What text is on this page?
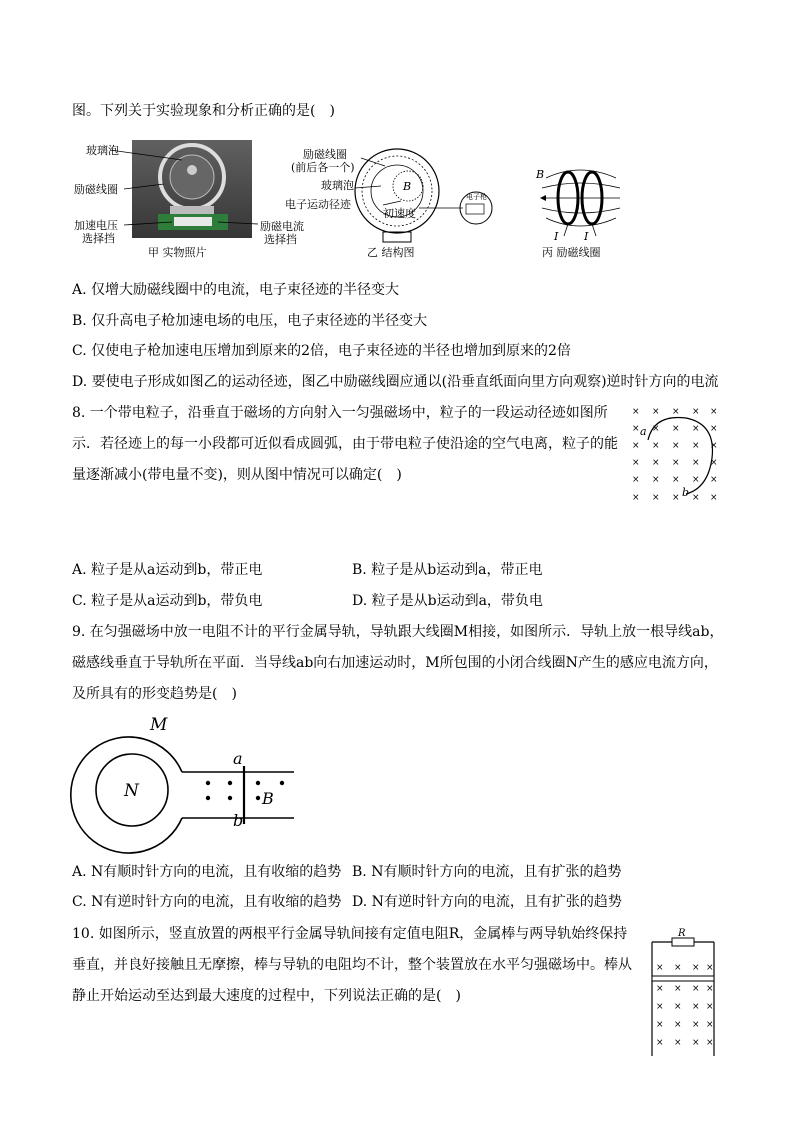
图。下列关于实验现象和分析正确的是(　)
玻璃泡
励磁线圈
加速电压
选择挡
励磁电流
选择挡
甲 实物照片
励磁线圈
(前后各一个)
玻璃泡
电子运动径迹
初速度
B
电子枪
乙 结构图
B
I I
丙 励磁线圈
A. 仅增大励磁线圈中的电流，电子束径迹的半径变大
B. 仅升高电子枪加速电场的电压，电子束径迹的半径变大
C. 仅使电子枪加速电压增加到原来的2倍，电子束径迹的半径也增加到原来的2倍
D. 要使电子形成如图乙的运动径迹，图乙中励磁线圈应通以(沿垂直纸面向里方向观察)逆时针方向的电流
8. 一个带电粒子，沿垂直于磁场的方向射入一匀强磁场中，粒子的一段运动径迹如图所
示．若径迹上的每一小段都可近似看成圆弧，由于带电粒子使沿途的空气电离，粒子的能
量逐渐减小(带电量不变)，则从图中情况可以确定(　)
× × × × ×
× × × × ×
× × × × ×
× × × × ×
× × × × ×
× × × × ×
a
b
A. 粒子是从a运动到b，带正电	B. 粒子是从b运动到a，带正电
C. 粒子是从a运动到b，带负电	D. 粒子是从b运动到a，带负电
9. 在匀强磁场中放一电阻不计的平行金属导轨，导轨跟大线圈M相接，如图所示．导轨上放一根导线ab，
磁感线垂直于导轨所在平面．当导线ab向右加速运动时，M所包围的小闭合线圈N产生的感应电流方向，
及所具有的形变趋势是(　)
M
N
a
b
B
A. N有顺时针方向的电流，且有收缩的趋势 B. N有顺时针方向的电流，且有扩张的趋势
C. N有逆时针方向的电流，且有收缩的趋势 D. N有逆时针方向的电流，且有扩张的趋势
10. 如图所示，竖直放置的两根平行金属导轨间接有定值电阻R，金属棒与两导轨始终保持
垂直，并良好接触且无摩擦，棒与导轨的电阻均不计，整个装置放在水平匀强磁场中。棒从
静止开始运动至达到最大速度的过程中，下列说法正确的是(　)
× × × ×
× × × ×
× × × ×
× × × ×
× × × ×
R
